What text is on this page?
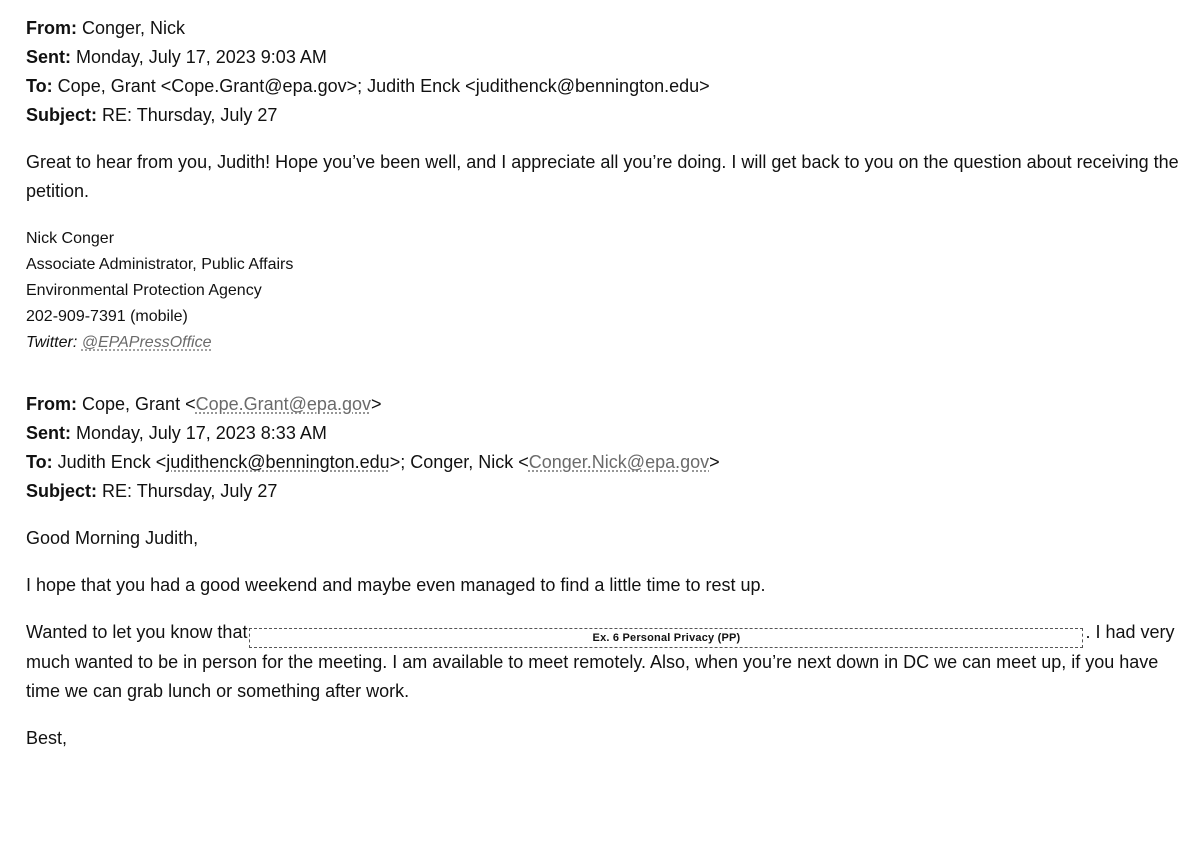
From: Conger, Nick
Sent: Monday, July 17, 2023 9:03 AM
To: Cope, Grant <Cope.Grant@epa.gov>; Judith Enck <judithenck@bennington.edu>
Subject: RE: Thursday, July 27
Great to hear from you, Judith! Hope you’ve been well, and I appreciate all you’re doing. I will get back to you on the question about receiving the petition.
Nick Conger
Associate Administrator, Public Affairs
Environmental Protection Agency
202-909-7391 (mobile)
Twitter: @EPAPressOffice
From: Cope, Grant <Cope.Grant@epa.gov>
Sent: Monday, July 17, 2023 8:33 AM
To: Judith Enck <judithenck@bennington.edu>; Conger, Nick <Conger.Nick@epa.gov>
Subject: RE: Thursday, July 27
Good Morning Judith,
I hope that you had a good weekend and maybe even managed to find a little time to rest up.
Wanted to let you know that	Ex. 6 Personal Privacy (PP)	. I had very much wanted to be in person for the meeting. I am available to meet remotely. Also, when you’re next down in DC we can meet up, if you have time we can grab lunch or something after work.
Best,
